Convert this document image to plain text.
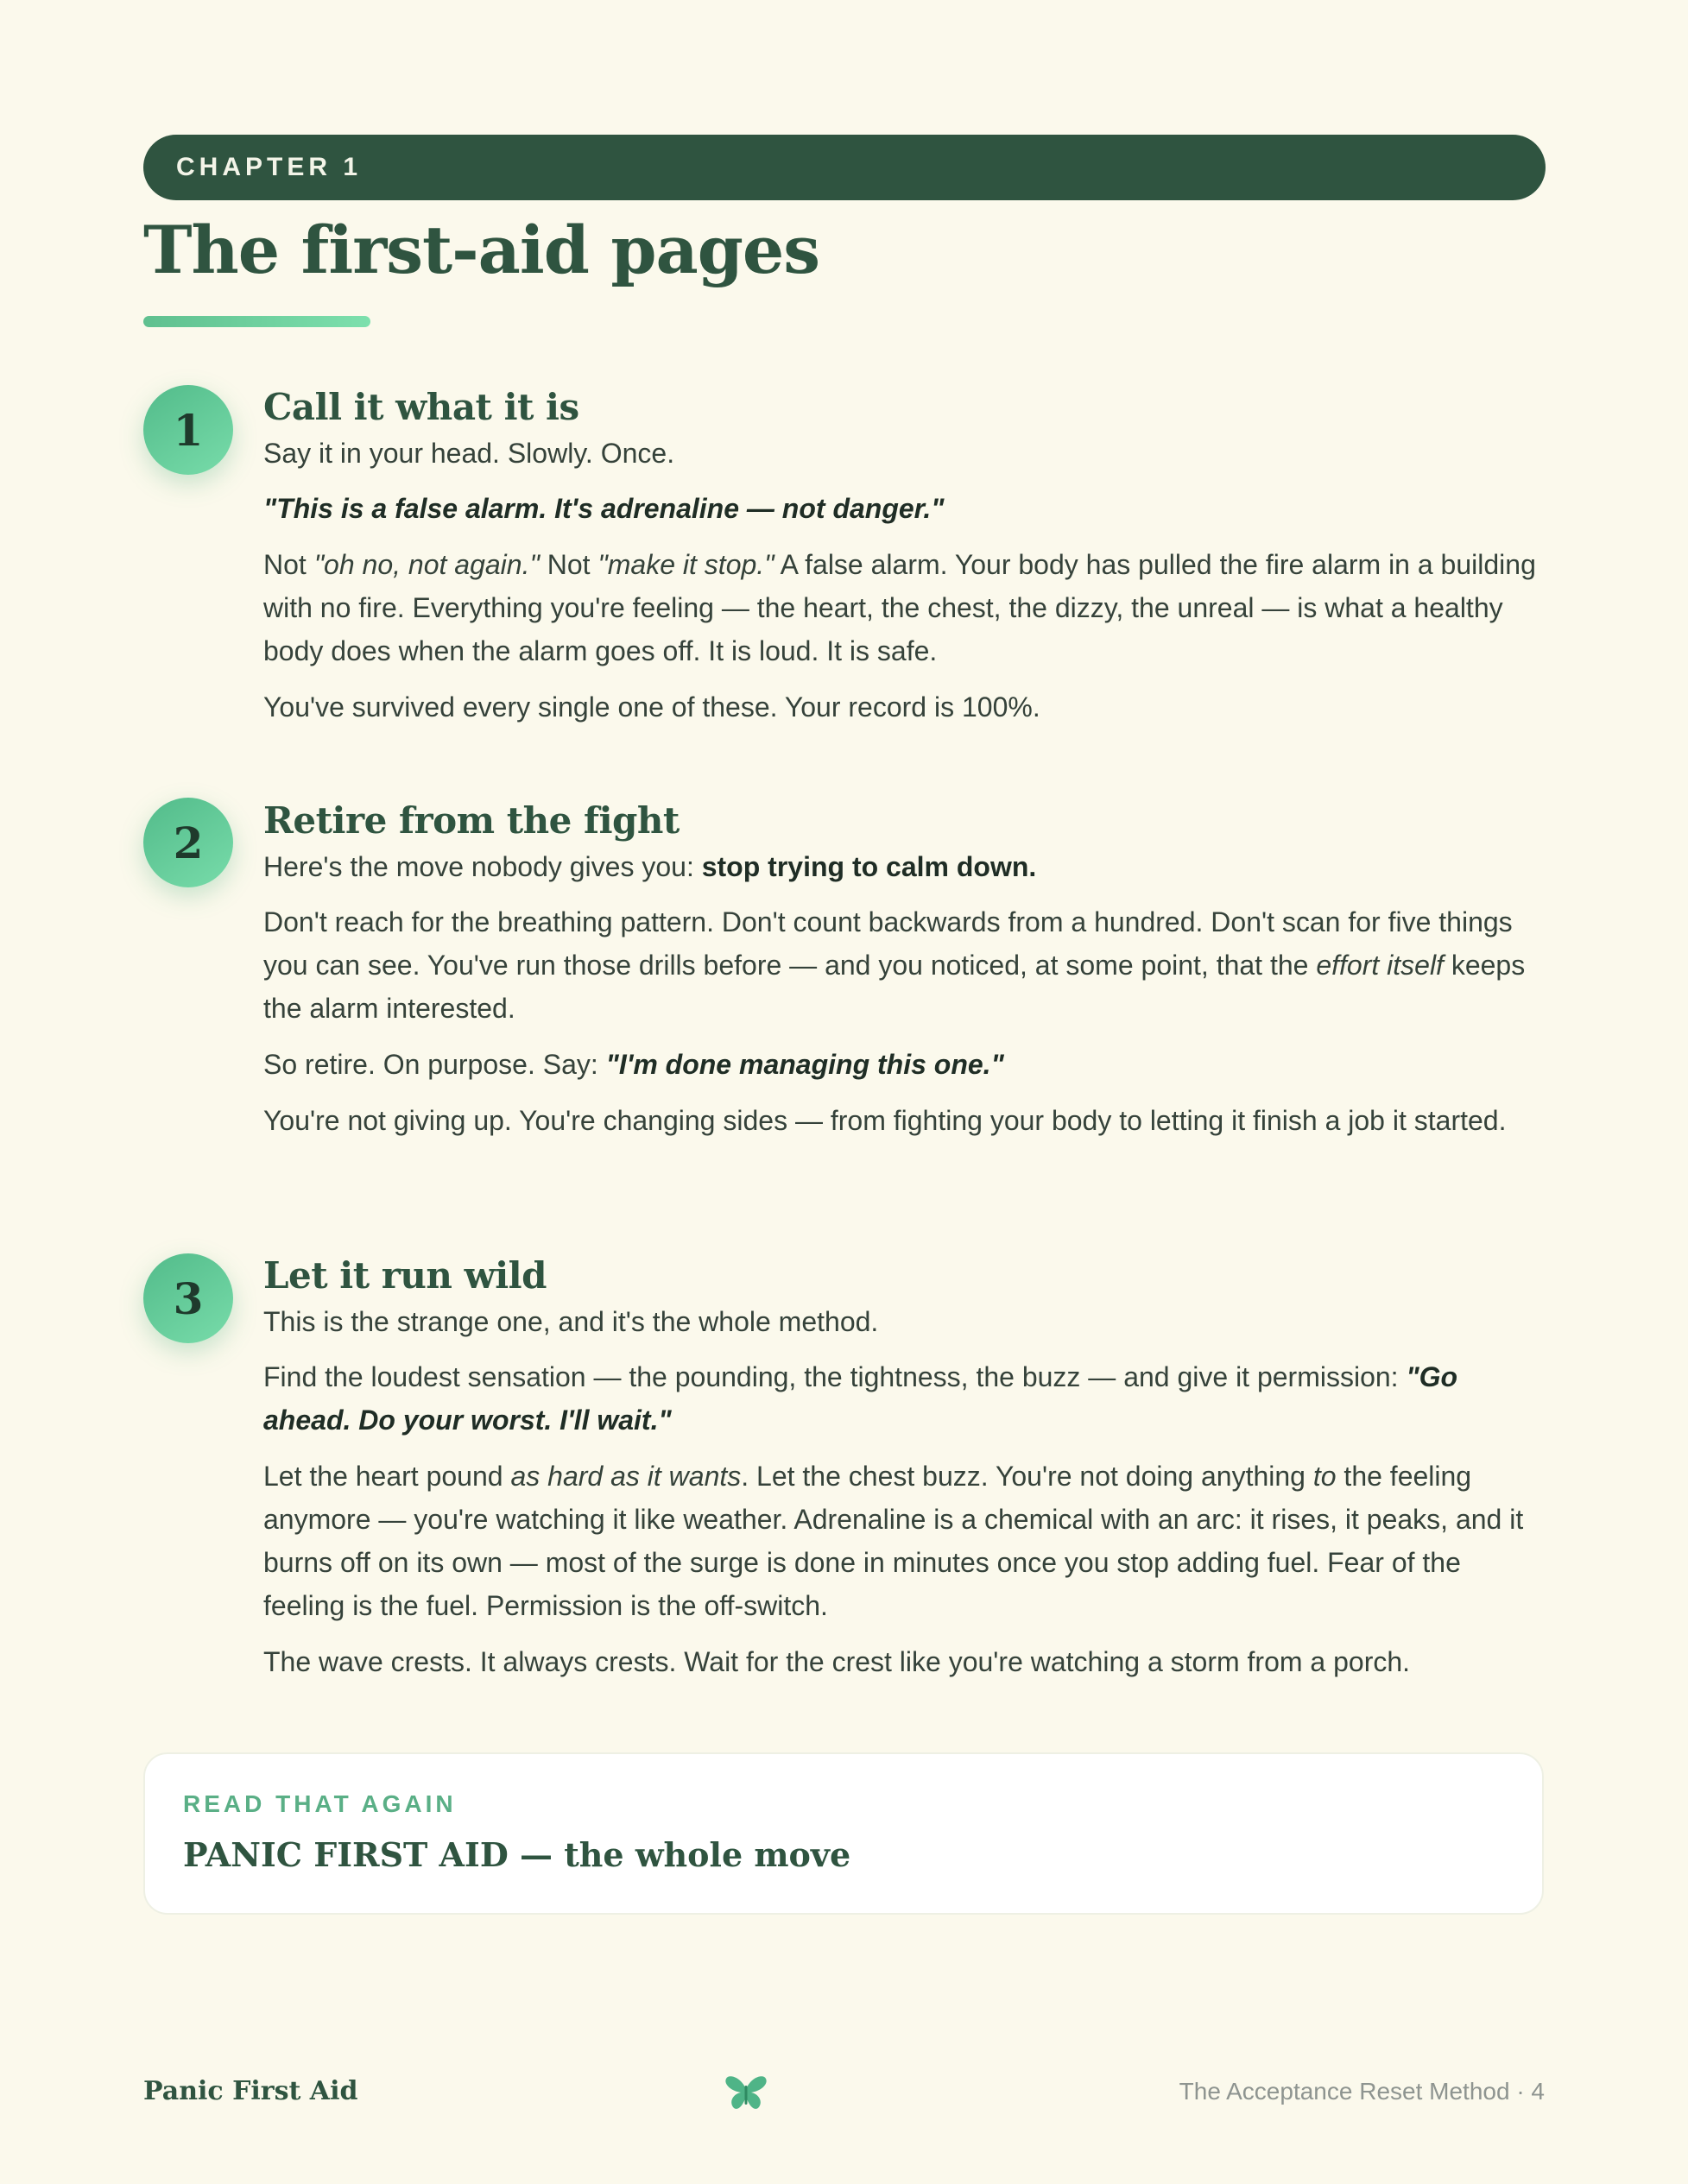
CHAPTER 1
The first-aid pages
1	Call it what it is

Say it in your head. Slowly. Once.

"This is a false alarm. It's adrenaline — not danger."

Not "oh no, not again." Not "make it stop." A false alarm. Your body has pulled the fire alarm in a building with no fire. Everything you're feeling — the heart, the chest, the dizzy, the unreal — is what a healthy body does when the alarm goes off. It is loud. It is safe.

You've survived every single one of these. Your record is 100%.

2	Retire from the fight

Here's the move nobody gives you: stop trying to calm down.

Don't reach for the breathing pattern. Don't count backwards from a hundred. Don't scan for five things you can see. You've run those drills before — and you noticed, at some point, that the effort itself keeps the alarm interested.

So retire. On purpose. Say: "I'm done managing this one."

You're not giving up. You're changing sides — from fighting your body to letting it finish a job it started.

3	Let it run wild

This is the strange one, and it's the whole method.

Find the loudest sensation — the pounding, the tightness, the buzz — and give it permission: "Go ahead. Do your worst. I'll wait."

Let the heart pound as hard as it wants. Let the chest buzz. You're not doing anything to the feeling anymore — you're watching it like weather. Adrenaline is a chemical with an arc: it rises, it peaks, and it burns off on its own — most of the surge is done in minutes once you stop adding fuel. Fear of the feeling is the fuel. Permission is the off-switch.

The wave crests. It always crests. Wait for the crest like you're watching a storm from a porch.

READ THAT AGAIN
PANIC FIRST AID — the whole move
Panic First Aid	The Acceptance Reset Method · 4
